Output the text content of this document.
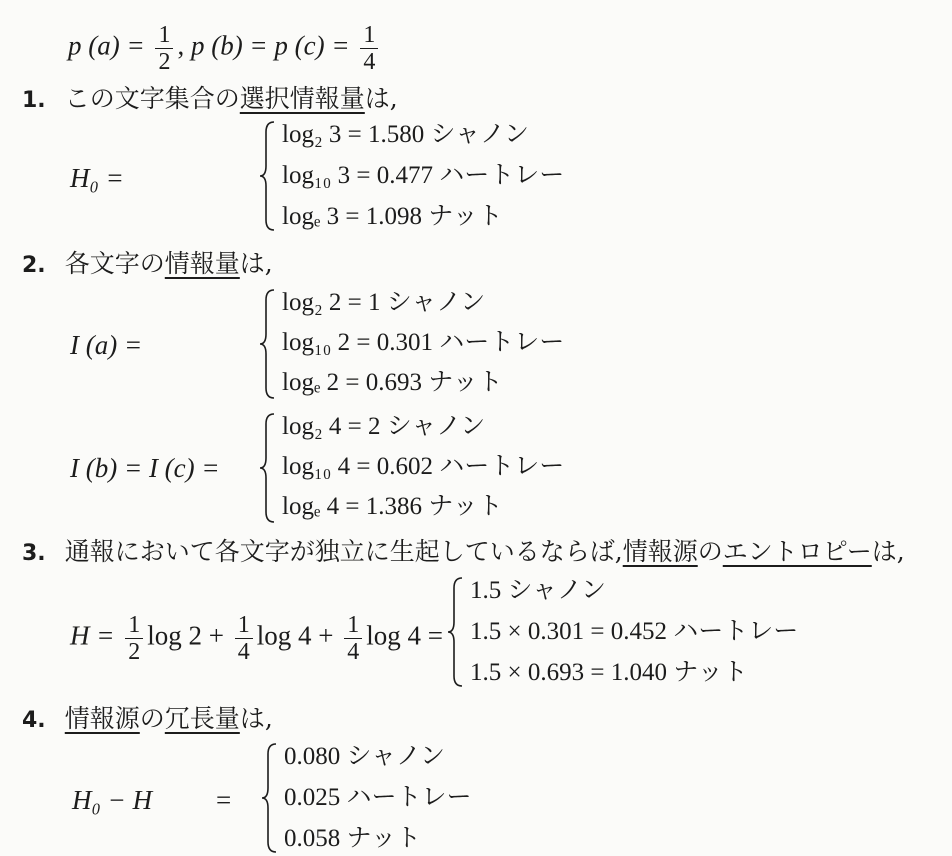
p $(a) = \frac{1}{2}$ , p (b) = p $(c) = \frac{1}{4}$
1. この文字集合の選択情報量は,
H₀ =
log₂ 3 = 1.580 シャノン
log₁₀ 3 = 0.477 ハートレー
logₑ 3 = 1.098 ナット
2. 各文字の情報量は,
I (a) =
log₂ 2 = 1 シャノン
log₁₀ 2 = 0.301 ハートレー
logₑ 2 = 0.693 ナット
I (b) = I (c) =
log₂ 4 = 2 シャノン
log₁₀ 4 = 0.602 ハートレー
logₑ 4 = 1.386 ナット
3. 通報において各文字が独立に生起しているならば,情報源のエントロピーは,
$H = \frac{1}{2}$ $\log 2 + \frac{1}{4}$ $\log 4 + \frac{1}{4}$ log 4 =
1.5 シャノン
1.5 × 0.301 = 0.452 ハートレー
1.5 × 0.693 = 1.040 ナット
4. 情報源の冗長量は,
H₀ − H =
0.080 シャノン
0.025 ハートレー
0.058 ナット
